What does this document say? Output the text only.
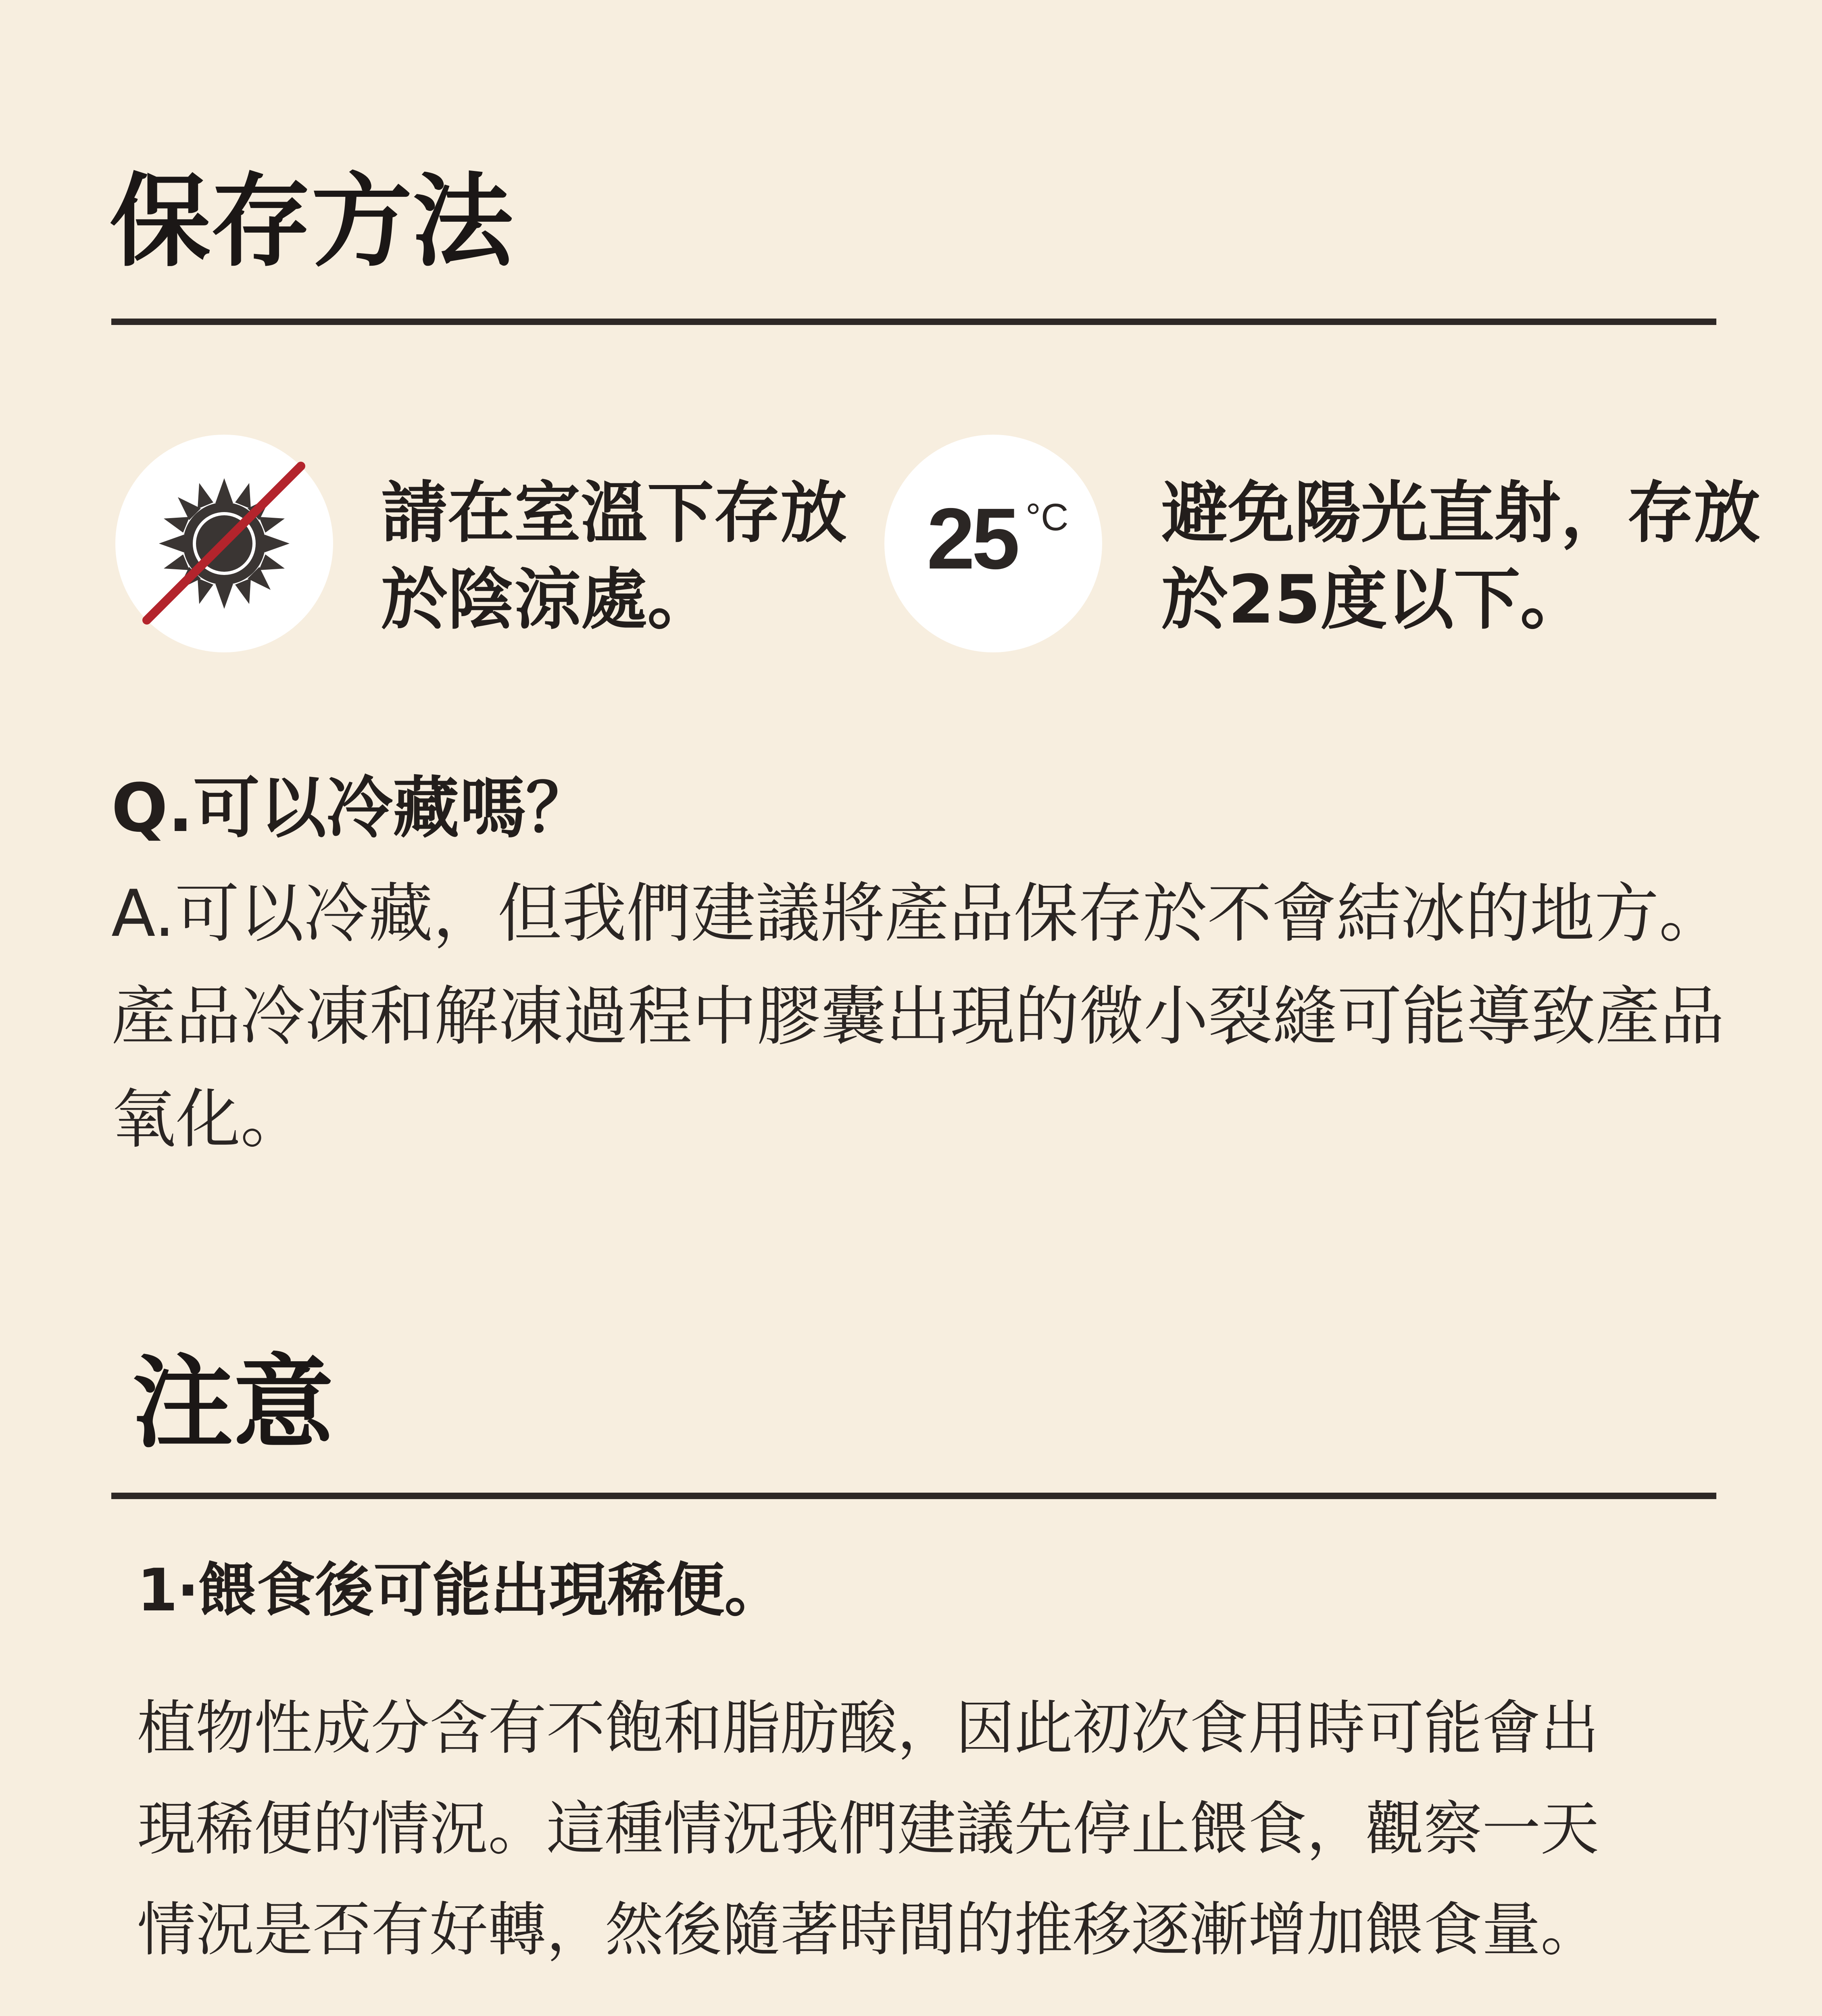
保存方法
請在室溫下存放
於陰涼處。
25 °C 避免陽光直射，存放
於25度以下。
Q.可以冷藏嗎？
A.可以冷藏，但我們建議將產品保存於不會結冰的地方。
產品冷凍和解凍過程中膠囊出現的微小裂縫可能導致產品
氧化。
注意
1‧餵食後可能出現稀便。
植物性成分含有不飽和脂肪酸，因此初次食用時可能會出
現稀便的情況。這種情況我們建議先停止餵食，觀察一天
情況是否有好轉，然後隨著時間的推移逐漸增加餵食量。
